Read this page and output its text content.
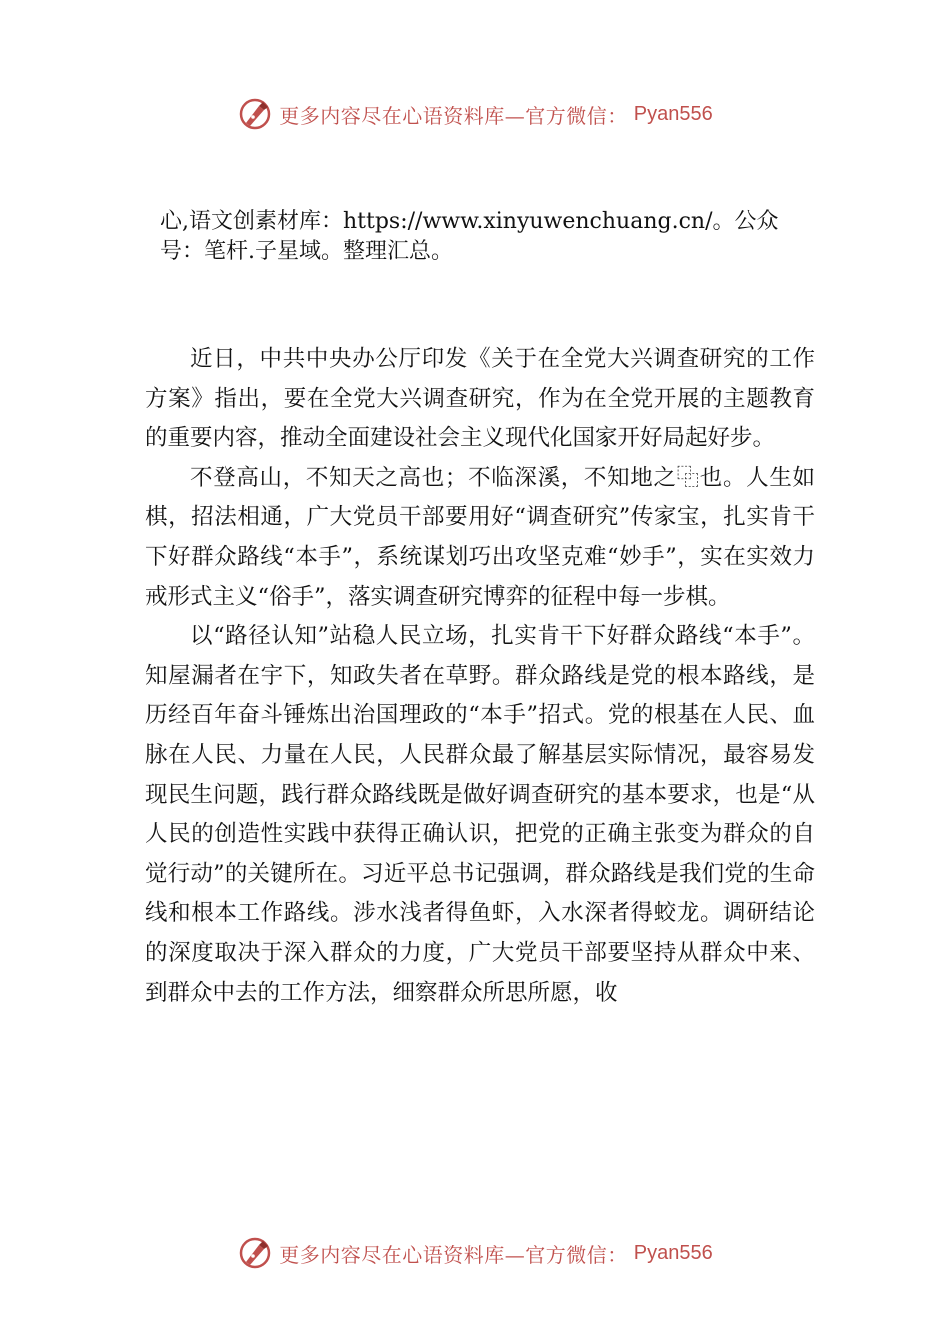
更多内容尽在心语资料库—官方微信： Pyan556

心,语文创素材库：https://www.xinyuwenchuang.cn/。公众号：笔杆.子星域。整理汇总。

近日，中共中央办公厅印发《关于在全党大兴调查研究的工作方案》指出，要在全党大兴调查研究，作为在全党开展的主题教育的重要内容，推动全面建设社会主义现代化国家开好局起好步。

不登高山，不知天之高也；不临深溪，不知地之⿻也。人生如棋，招法相通，广大党员干部要用好“调查研究”传家宝，扎实肯干下好群众路线“本手”，系统谋划巧出攻坚克难“妙手”，实在实效力戒形式主义“俗手”，落实调查研究博弈的征程中每一步棋。

以“路径认知”站稳人民立场，扎实肯干下好群众路线“本手”。知屋漏者在宇下，知政失者在草野。群众路线是党的根本路线，是历经百年奋斗锤炼出治国理政的“本手”招式。党的根基在人民、血脉在人民、力量在人民，人民群众最了解基层实际情况，最容易发现民生问题，践行群众路线既是做好调查研究的基本要求，也是“从人民的创造性实践中获得正确认识，把党的正确主张变为群众的自觉行动”的关键所在。习近平总书记强调，群众路线是我们党的生命线和根本工作路线。涉水浅者得鱼虾，入水深者得蛟龙。调研结论的深度取决于深入群众的力度，广大党员干部要坚持从群众中来、到群众中去的工作方法，细察群众所思所愿，收

更多内容尽在心语资料库—官方微信： Pyan556
